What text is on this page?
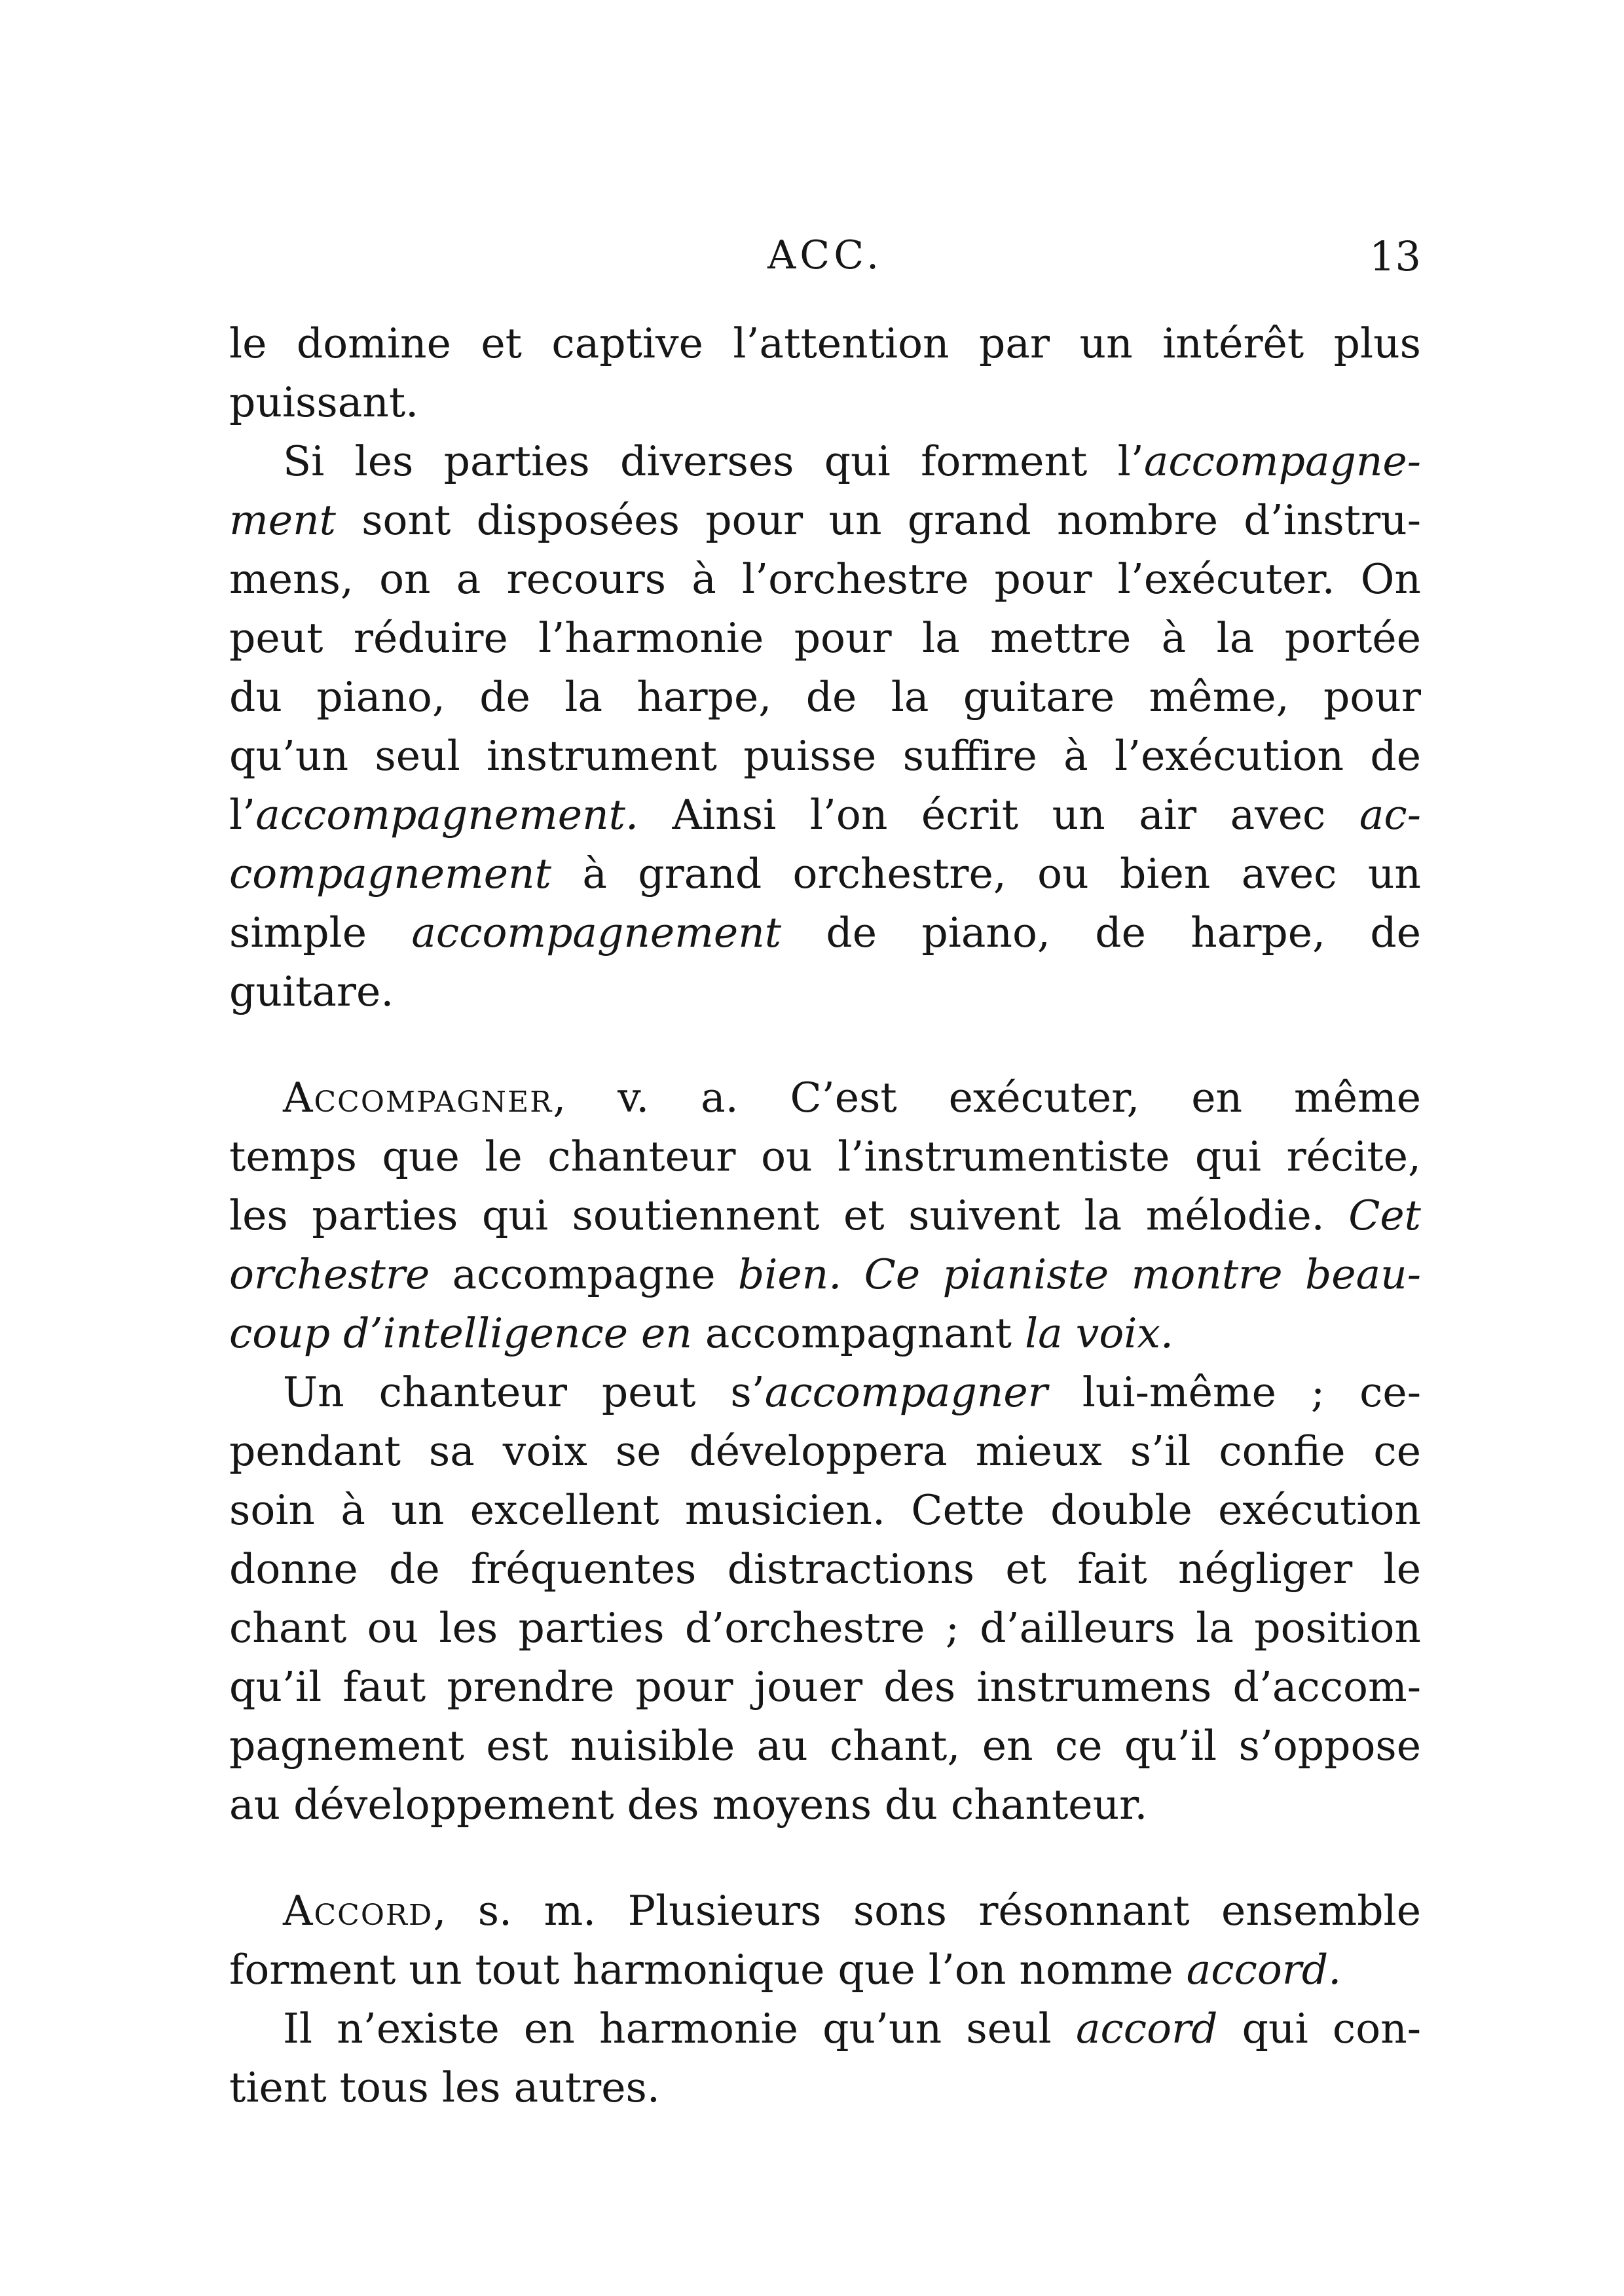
ACC.	13
le domine et captive l’attention par un intérêt plus
puissant.
Si les parties diverses qui forment l’accompagne-
ment sont disposées pour un grand nombre d’instru-
mens, on a recours à l’orchestre pour l’exécuter. On
peut réduire l’harmonie pour la mettre à la portée
du piano, de la harpe, de la guitare même, pour
qu’un seul instrument puisse suffire à l’exécution de
l’accompagnement. Ainsi l’on écrit un air avec ac-
compagnement à grand orchestre, ou bien avec un
simple accompagnement de piano, de harpe, de
guitare.
Accompagner, v. a. C’est exécuter, en même
temps que le chanteur ou l’instrumentiste qui récite,
les parties qui soutiennent et suivent la mélodie. Cet
orchestre accompagne bien. Ce pianiste montre beau-
coup d’intelligence en accompagnant la voix.
Un chanteur peut s’accompagner lui-même ; ce-
pendant sa voix se développera mieux s’il confie ce
soin à un excellent musicien. Cette double exécution
donne de fréquentes distractions et fait négliger le
chant ou les parties d’orchestre ; d’ailleurs la position
qu’il faut prendre pour jouer des instrumens d’accom-
pagnement est nuisible au chant, en ce qu’il s’oppose
au développement des moyens du chanteur.
Accord, s. m. Plusieurs sons résonnant ensemble
forment un tout harmonique que l’on nomme accord.
Il n’existe en harmonie qu’un seul accord qui con-
tient tous les autres.
